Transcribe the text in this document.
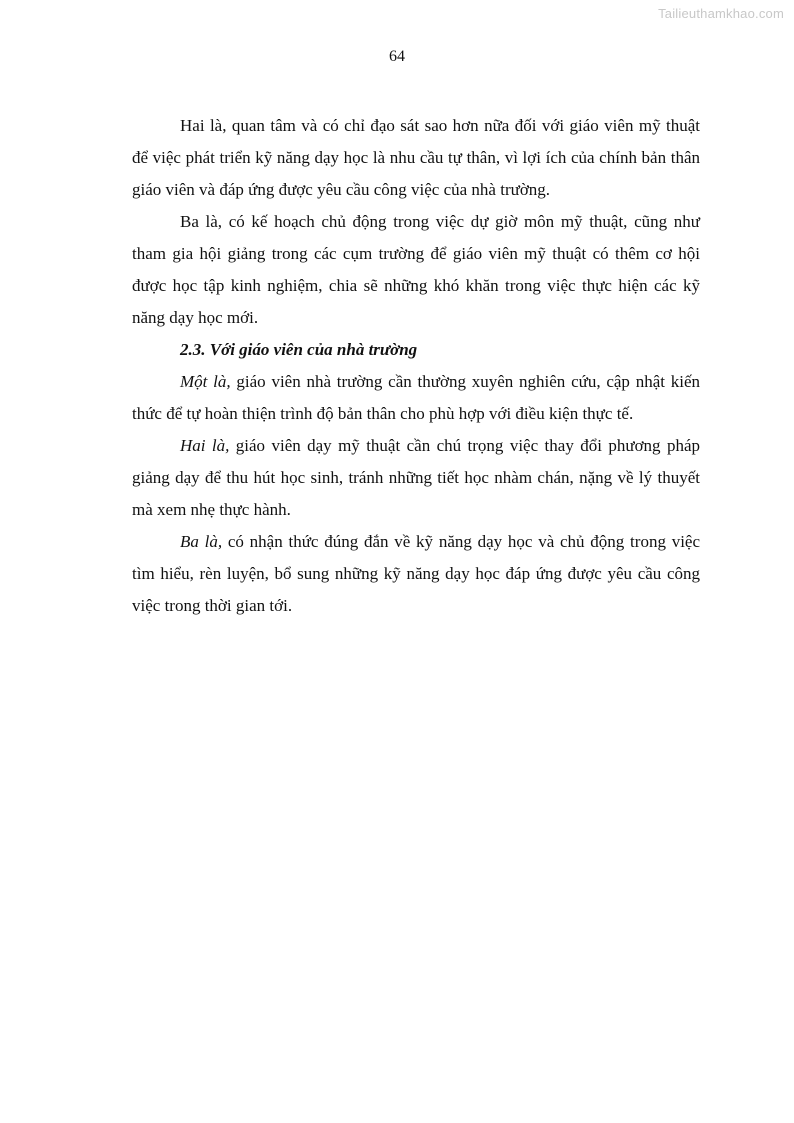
Tailieuthamkhao.com
64

Hai là, quan tâm và có chỉ đạo sát sao hơn nữa đối với giáo viên mỹ thuật để việc phát triển kỹ năng dạy học là nhu cầu tự thân, vì lợi ích của chính bản thân giáo viên và đáp ứng được yêu cầu công việc của nhà trường.

Ba là, có kế hoạch chủ động trong việc dự giờ môn mỹ thuật, cũng như tham gia hội giảng trong các cụm trường để giáo viên mỹ thuật có thêm cơ hội được học tập kinh nghiệm, chia sẽ những khó khăn trong việc thực hiện các kỹ năng dạy học mới.

2.3. Với giáo viên của nhà trường

Một là, giáo viên nhà trường cần thường xuyên nghiên cứu, cập nhật kiến thức để tự hoàn thiện trình độ bản thân cho phù hợp với điều kiện thực tế.

Hai là, giáo viên dạy mỹ thuật cần chú trọng việc thay đổi phương pháp giảng dạy để thu hút học sinh, tránh những tiết học nhàm chán, nặng về lý thuyết mà xem nhẹ thực hành.

Ba là, có nhận thức đúng đắn về kỹ năng dạy học và chủ động trong việc tìm hiểu, rèn luyện, bổ sung những kỹ năng dạy học đáp ứng được yêu cầu công việc trong thời gian tới.
